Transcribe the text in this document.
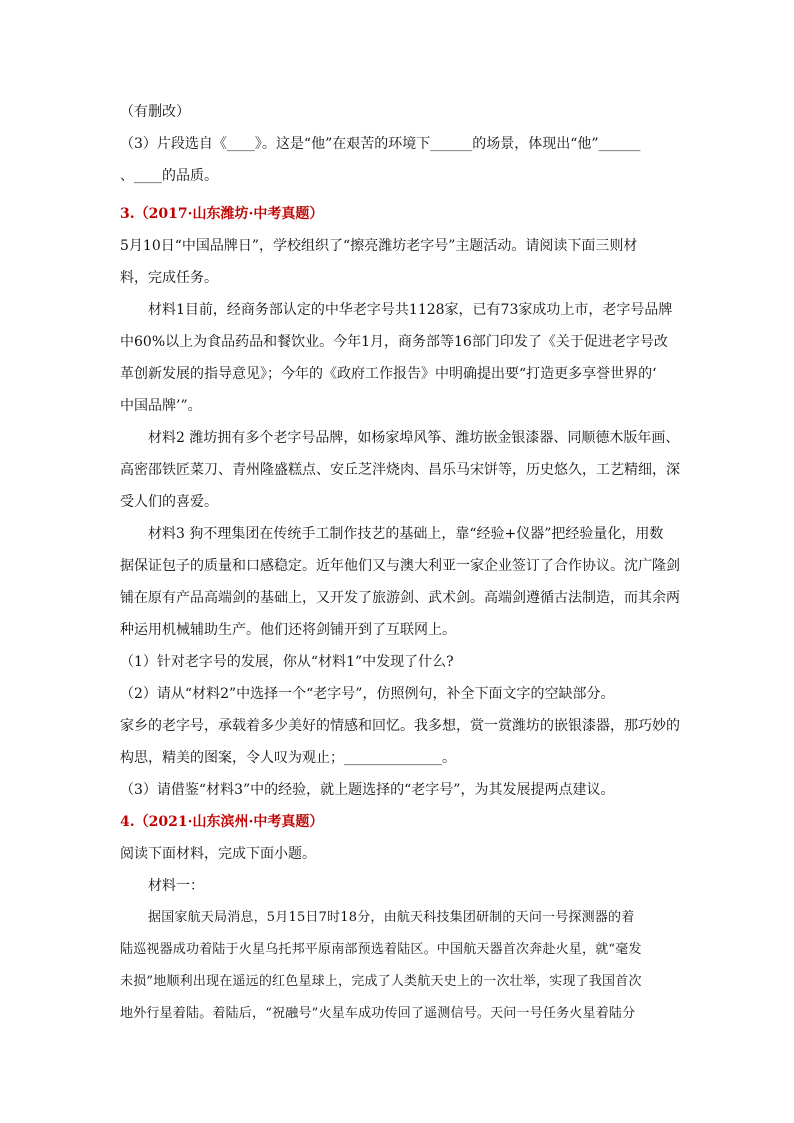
（有删改）
（3）片段选自《____》。这是“他”在艰苦的环境下______的场景，体现出“他”______
、____的品质。
3.（2017·山东潍坊·中考真题）
5月10日“中国品牌日”，学校组织了“擦亮潍坊老字号”主题活动。请阅读下面三则材
料，完成任务。
材料1目前，经商务部认定的中华老字号共1128家，已有73家成功上市，老字号品牌
中60%以上为食品药品和餐饮业。今年1月，商务部等16部门印发了《关于促进老字号改
革创新发展的指导意见》；今年的《政府工作报告》中明确提出要“打造更多享誉世界的‘
中国品牌’”。
材料2 潍坊拥有多个老字号品牌，如杨家埠风筝、潍坊嵌金银漆器、同顺德木版年画、
高密邵铁匠菜刀、青州隆盛糕点、安丘芝泮烧肉、昌乐马宋饼等，历史悠久，工艺精细，深
受人们的喜爱。
材料3 狗不理集团在传统手工制作技艺的基础上，靠“经验+仪器”把经验量化，用数
据保证包子的质量和口感稳定。近年他们又与澳大利亚一家企业签订了合作协议。沈广隆剑
铺在原有产品高端剑的基础上，又开发了旅游剑、武术剑。高端剑遵循古法制造，而其余两
种运用机械辅助生产。他们还将剑铺开到了互联网上。
（1）针对老字号的发展，你从“材料1”中发现了什么?
（2）请从“材料2”中选择一个“老字号”，仿照例句，补全下面文字的空缺部分。
家乡的老字号，承载着多少美好的情感和回忆。我多想，赏一赏潍坊的嵌银漆器，那巧妙的
构思，精美的图案，令人叹为观止；______________。
（3）请借鉴“材料3”中的经验，就上题选择的“老字号”，为其发展提两点建议。
4.（2021·山东滨州·中考真题）
阅读下面材料，完成下面小题。
材料一：
据国家航天局消息，5月15日7时18分，由航天科技集团研制的天问一号探测器的着
陆巡视器成功着陆于火星乌托邦平原南部预选着陆区。中国航天器首次奔赴火星，就“毫发
未损”地顺利出现在遥远的红色星球上，完成了人类航天史上的一次壮举，实现了我国首次
地外行星着陆。着陆后，“祝融号”火星车成功传回了遥测信号。天问一号任务火星着陆分
